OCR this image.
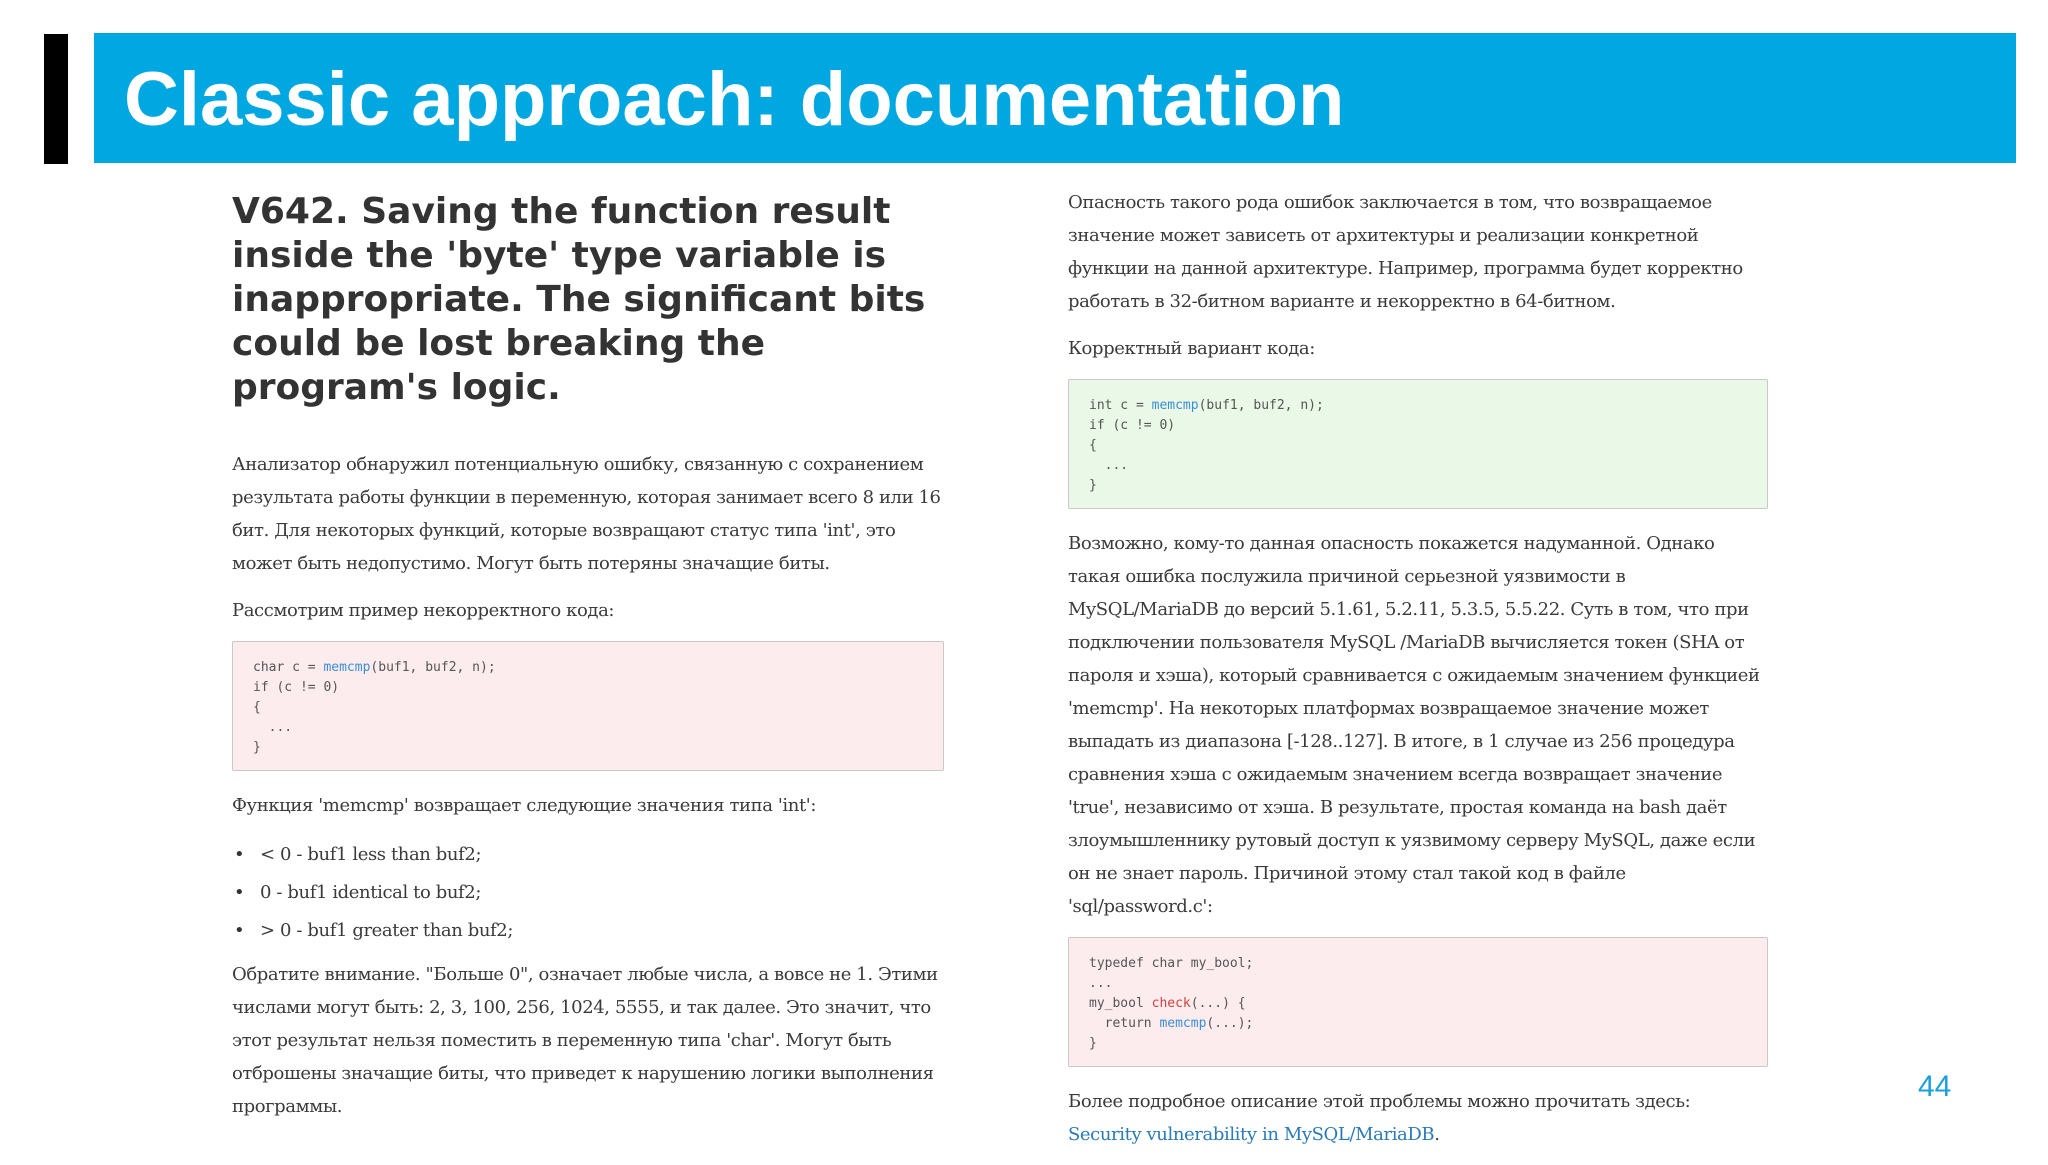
Classic approach: documentation
V642. Saving the function result inside the 'byte' type variable is inappropriate. The significant bits could be lost breaking the program's logic.

Анализатор обнаружил потенциальную ошибку, связанную с сохранением результата работы функции в переменную, которая занимает всего 8 или 16 бит. Для некоторых функций, которые возвращают статус типа 'int', это может быть недопустимо. Могут быть потеряны значащие биты.

Рассмотрим пример некорректного кода:

char c = memcmp(buf1, buf2, n);
if (c != 0)
{
...
}

Функция 'memcmp' возвращает следующие значения типа 'int':

• < 0 - buf1 less than buf2;
• 0 - buf1 identical to buf2;
• > 0 - buf1 greater than buf2;

Обратите внимание. "Больше 0", означает любые числа, а вовсе не 1. Этими числами могут быть: 2, 3, 100, 256, 1024, 5555, и так далее. Это значит, что этот результат нельзя поместить в переменную типа 'char'. Могут быть отброшены значащие биты, что приведет к нарушению логики выполнения программы.

Опасность такого рода ошибок заключается в том, что возвращаемое значение может зависеть от архитектуры и реализации конкретной функции на данной архитектуре. Например, программа будет корректно работать в 32-битном варианте и некорректно в 64-битном.

Корректный вариант кода:

int c = memcmp(buf1, buf2, n);
if (c != 0)
{
...
}

Возможно, кому-то данная опасность покажется надуманной. Однако такая ошибка послужила причиной серьезной уязвимости в MySQL/MariaDB до версий 5.1.61, 5.2.11, 5.3.5, 5.5.22. Суть в том, что при подключении пользователя MySQL /MariaDB вычисляется токен (SHA от пароля и хэша), который сравнивается с ожидаемым значением функцией 'memcmp'. На некоторых платформах возвращаемое значение может выпадать из диапазона [-128..127]. В итоге, в 1 случае из 256 процедура сравнения хэша с ожидаемым значением всегда возвращает значение 'true', независимо от хэша. В результате, простая команда на bash даёт злоумышленнику рутовый доступ к уязвимому серверу MySQL, даже если он не знает пароль. Причиной этому стал такой код в файле 'sql/password.c':

typedef char my_bool;
...
my_bool check(...) {
return memcmp(...);
}

Более подробное описание этой проблемы можно прочитать здесь: Security vulnerability in MySQL/MariaDB.

44
